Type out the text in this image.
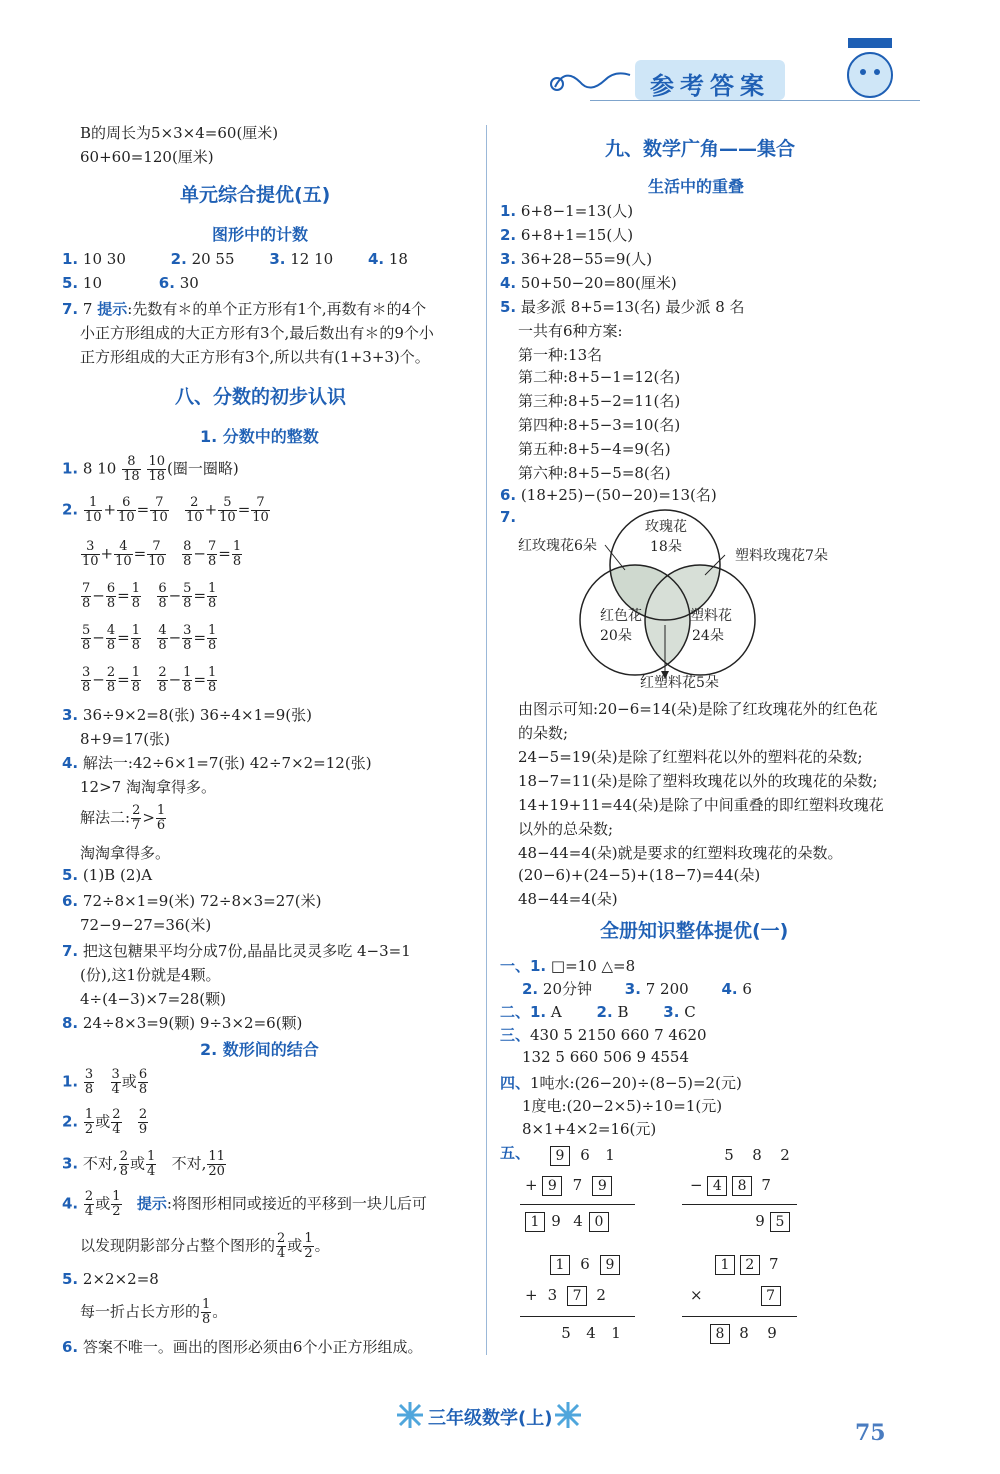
参考答案
B的周长为5×3×4=60(厘米)
60+60=120(厘米)
单元综合提优(五)
图形中的计数
1. 10 30	2. 20 55 3. 12 10 4. 18
5. 10	6. 30
7. 7 提示:先数有＊的单个正方形有1个,再数有＊的4个
小正方形组成的大正方形有3个,最后数出有＊的9个小
正方形组成的大正方形有3个,所以共有(1+3+3)个。
八、分数的初步认识
1. 分数中的整数
1. 8 $10 \frac{8}{18}$
$\frac{10}{18}$ (圈一圈略)
2. $\frac{1}{10} + \frac{6}{10} = \frac{7}{10}$
$\frac{2}{10} + \frac{5}{10} = \frac{7}{10}$
$\frac{3}{10} + \frac{4}{10} = \frac{7}{10}$
$\frac{8}{8} - \frac{7}{8} = \frac{1}{8}$
$\frac{7}{8} - \frac{6}{8} = \frac{1}{8}$
$\frac{6}{8} - \frac{5}{8} = \frac{1}{8}$
$\frac{5}{8} - \frac{4}{8} = \frac{1}{8}$
$\frac{4}{8} - \frac{3}{8} = \frac{1}{8}$
$\frac{3}{8} - \frac{2}{8} = \frac{1}{8}$
$\frac{2}{8} - \frac{1}{8} = \frac{1}{8}$
3. 36÷9×2=8(张) 36÷4×1=9(张)
8+9=17(张)
4. 解法一:42÷6×1=7(张) 42÷7×2=12(张)
12>7 淘淘拿得多。
解法二: $\frac{2}{7} > \frac{1}{6}$
淘淘拿得多。
5. (1)B (2)A
6. 72÷8×1=9(米) 72÷8×3=27(米)
72−9−27=36(米)
7. 把这包糖果平均分成7份,晶晶比灵灵多吃 4−3=1
(份),这1份就是4颗。
4÷(4−3)×7=28(颗)
8. 24÷8×3=9(颗) 9÷3×2=6(颗)
2. 数形间的结合
1. $\frac{3}{8}$
$\frac{3}{4}$ 或 $\frac{6}{8}$
2. $\frac{1}{2}$ 或 $\frac{2}{4}$
$\frac{2}{9}$
3. 不对, $\frac{2}{8}$ 或 $\frac{1}{4}$ 不对, $\frac{11}{20}$
4. $\frac{2}{4}$ 或 $\frac{1}{2}$ 提示:将图形相同或接近的平移到一块儿后可
以发现阴影部分占整个图形的 $\frac{2}{4}$ 或 $\frac{1}{2}$ 。
5. 2×2×2=8
每一折占长方形的 $\frac{1}{8}$ 。
6. 答案不唯一。画出的图形必须由6个小正方形组成。
九、数学广角——集合
生活中的重叠
1. 6+8−1=13(人)
2. 6+8+1=15(人)
3. 36+28−55=9(人)
4. 50+50−20=80(厘米)
5. 最多派 8+5=13(名) 最少派 8 名
一共有6种方案:
第一种:13名
第二种:8+5−1=12(名)
第三种:8+5−2=11(名)
第四种:8+5−3=10(名)
第五种:8+5−4=9(名)
第六种:8+5−5=8(名)
6. (18+25)−(50−20)=13(名)
7.
玫瑰花
18朵
红色花
20朵
塑料花
24朵
红玫瑰花6朵
塑料玫瑰花7朵
红塑料花5朵
由图示可知:20−6=14(朵)是除了红玫瑰花外的红色花
的朵数;
24−5=19(朵)是除了红塑料花以外的塑料花的朵数;
18−7=11(朵)是除了塑料玫瑰花以外的玫瑰花的朵数;
14+19+11=44(朵)是除了中间重叠的即红塑料玫瑰花
以外的总朵数;
48−44=4(朵)就是要求的红塑料玫瑰花的朵数。
(20−6)+(24−5)+(18−7)=44(朵)
48−44=4(朵)
全册知识整体提优(一)
一、1. □=10 △=8
2. 20分钟 3. 7 200 4. 6
二、1. A 2. B 3. C
三、430 5 2150 660 7 4620
132 5 660 506 9 4554
四、1吨水:(26−20)÷(8−5)=2(元)
1度电:(20−2×5)÷10=1(元)
8×1+4×2=16(元)
五、	9 6 1
+ 9 7 9
1 9 4 0
5 8 2
− 4 8 7
9 5
1 6 9
+ 3 7 2
5 4 1
1 2 7
×	7
8 8 9
三年级数学(上)
75
